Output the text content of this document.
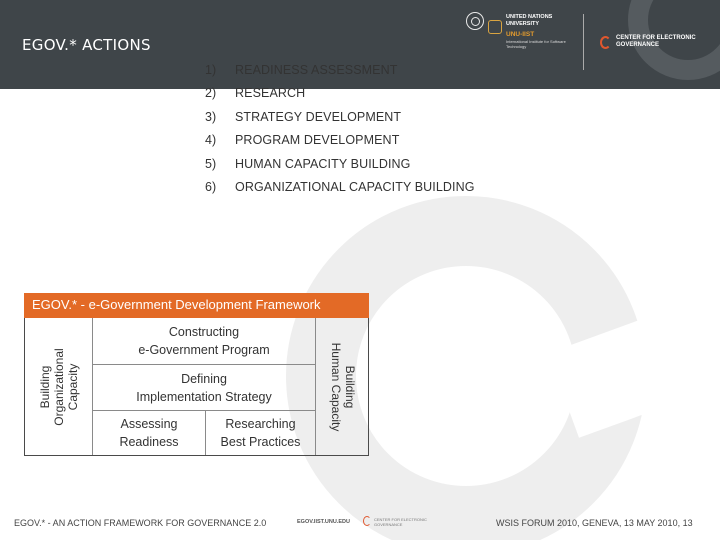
EGOV.* ACTIONS
UNITED NATIONS UNIVERSITY
UNU-IIST
International Institute for Software Technology
CENTER FOR ELECTRONIC GOVERNANCE
1)	READINESS ASSESSMENT
2)	RESEARCH
3)	STRATEGY DEVELOPMENT
4)	PROGRAM DEVELOPMENT
5)	HUMAN CAPACITY BUILDING
6)	ORGANIZATIONAL CAPACITY BUILDING
EGOV.* - e-Government Development Framework
Building
Organizational
Capacity
Constructing
e-Government Program
Defining
Implementation Strategy
Assessing
Readiness
Researching
Best Practices
Building
Human Capacity
EGOV.* - AN ACTION FRAMEWORK FOR GOVERNANCE 2.0	EGOV.IIST.UNU.EDU	CENTER FOR ELECTRONIC GOVERNANCE	WSIS FORUM 2010, GENEVA, 13 MAY 2010, 13
